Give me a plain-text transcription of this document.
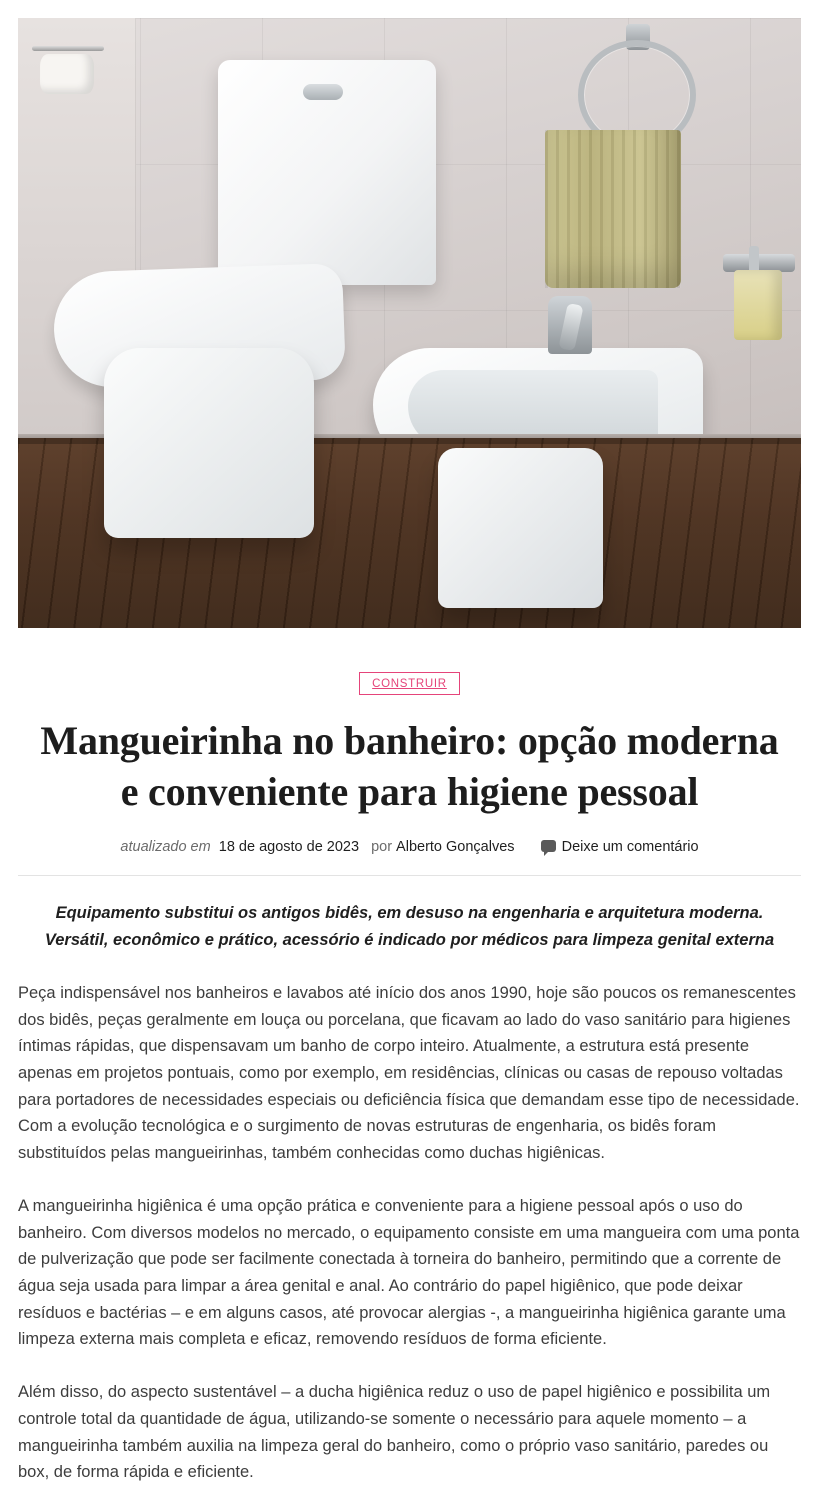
CONSTRUIR
Mangueirinha no banheiro: opção moderna e conveniente para higiene pessoal
atualizado em 18 de agosto de 2023 por Alberto Gonçalves	Deixe um comentário

Equipamento substitui os antigos bidês, em desuso na engenharia e arquitetura moderna. Versátil, econômico e prático, acessório é indicado por médicos para limpeza genital externa

Peça indispensável nos banheiros e lavabos até início dos anos 1990, hoje são poucos os remanescentes dos bidês, peças geralmente em louça ou porcelana, que ficavam ao lado do vaso sanitário para higienes íntimas rápidas, que dispensavam um banho de corpo inteiro. Atualmente, a estrutura está presente apenas em projetos pontuais, como por exemplo, em residências, clínicas ou casas de repouso voltadas para portadores de necessidades especiais ou deficiência física que demandam esse tipo de necessidade. Com a evolução tecnológica e o surgimento de novas estruturas de engenharia, os bidês foram substituídos pelas mangueirinhas, também conhecidas como duchas higiênicas.

A mangueirinha higiênica é uma opção prática e conveniente para a higiene pessoal após o uso do banheiro. Com diversos modelos no mercado, o equipamento consiste em uma mangueira com uma ponta de pulverização que pode ser facilmente conectada à torneira do banheiro, permitindo que a corrente de água seja usada para limpar a área genital e anal. Ao contrário do papel higiênico, que pode deixar resíduos e bactérias – e em alguns casos, até provocar alergias -, a mangueirinha higiênica garante uma limpeza externa mais completa e eficaz, removendo resíduos de forma eficiente.

Além disso, do aspecto sustentável – a ducha higiênica reduz o uso de papel higiênico e possibilita um controle total da quantidade de água, utilizando-se somente o necessário para aquele momento – a mangueirinha também auxilia na limpeza geral do banheiro, como o próprio vaso sanitário, paredes ou box, de forma rápida e eficiente.
